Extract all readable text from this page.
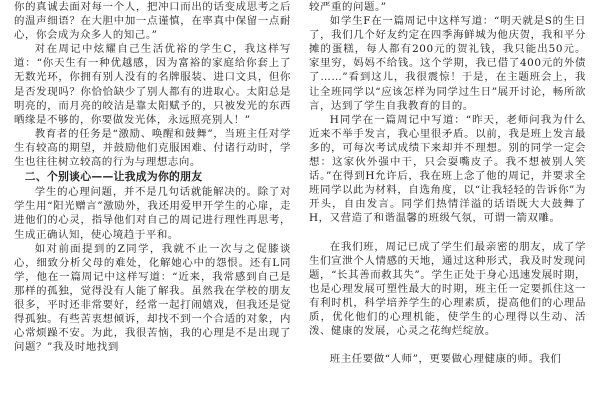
你的真诚去面对每一个人，把冲口而出的话变成思考之后的温声细语？在大胆中加一点谨慎，在率真中保留一点耐心，你会成为众多人的知己。”

对在周记中炫耀自己生活优裕的学生C，我这样写道：“你天生有一种优越感，因为富裕的家庭给你套上了无数光环，你拥有别人没有的名牌服装、进口文具，但你是否发现吗？你恰恰缺少了别人都有的进取心。太阳总是明亮的，而月亮的皎洁是靠太阳赋予的，只被发光的东西晒缘是不够的，你要做发光体，永远照亮别人！”

教育者的任务是“激励、唤醒和鼓舞”，当班主任对学生有较高的期望，并鼓励他们克服困难、付诸行动时，学生也往往树立较高的行为与理想志向。

二、个别谈心——让我成为你的朋友

学生的心理问题，并不是几句话就能解决的。除了对学生用“阳光赠言”激励外，我还用爱甲开学生的心扉，走进他们的心灵，指导他们对自己的周记进行理性再思考，生成正确认知，使心境趋于平和。

如对前面提到的Z同学，我就不止一次与之促膝谈心，细致分析父母的难处，化解她心中的怨恨。还有L同学，他在一篇周记中这样写道：“近来，我常感到自己是那样的孤独，觉得没有人能了解我。虽然我在学校的朋友很多，平时还非常要好，经常一起打闹嬉戏，但我还是觉得孤独。有些苦衷想倾诉，却找不到一个合适的对象，内心常烦躁不安。为此，我很苦恼，我的心理是不是出现了问题？”我及时地找到

较严重的问题。”

如学生F在一篇周记中这样写道：“明天就是S的生日了，我们几个好友约定在四季海鲜城为他庆贺，我和平分摊的蛋糕，每人都有200元的贺礼钱，我只能出50元。家里穷，妈妈不给钱。这个学期，我已借了400元的外债了……”看到这儿，我很震惊！于是，在主题班会上，我让全班同学以“应该怎样为同学过生日”展开讨论，畅所欲言，达到了学生自我教育的目的。

H同学在一篇周记中写道：“昨天，老师问我为什么近来不举手发言，我心里很矛盾。以前，我是班上发言最多的，可每次考试成绩下来却并不理想。别的同学一定会想：这家伙外强中干，只会耍嘴皮子。我不想被别人笑话。”在得到H允许后，我在班上念了他的周记，并要求全班同学以此为材料，自选角度，以“让我轻轻的告诉你”为开头，自由发言。同学们热情洋溢的话语既大大鼓舞了H，又营造了和谐温馨的班级气氛，可谓一箭双雕。

在我们班，周记已成了学生们最亲密的朋友，成了学生们宣泄个人情感的天地，通过这种形式，我及时发现问题，“长其善而救其失”。学生正处于身心迅速发展时期，也是心理发展可塑性最大的时期，班主任一定要抓住这一有利时机，科学培养学生的心理素质，提高他们的心理品质，优化他们的心理机能，使学生的心理得以生动、活泼、健康的发展，心灵之花绚烂绽放。

班主任要做“人师”，更要做心理健康的师。我们
